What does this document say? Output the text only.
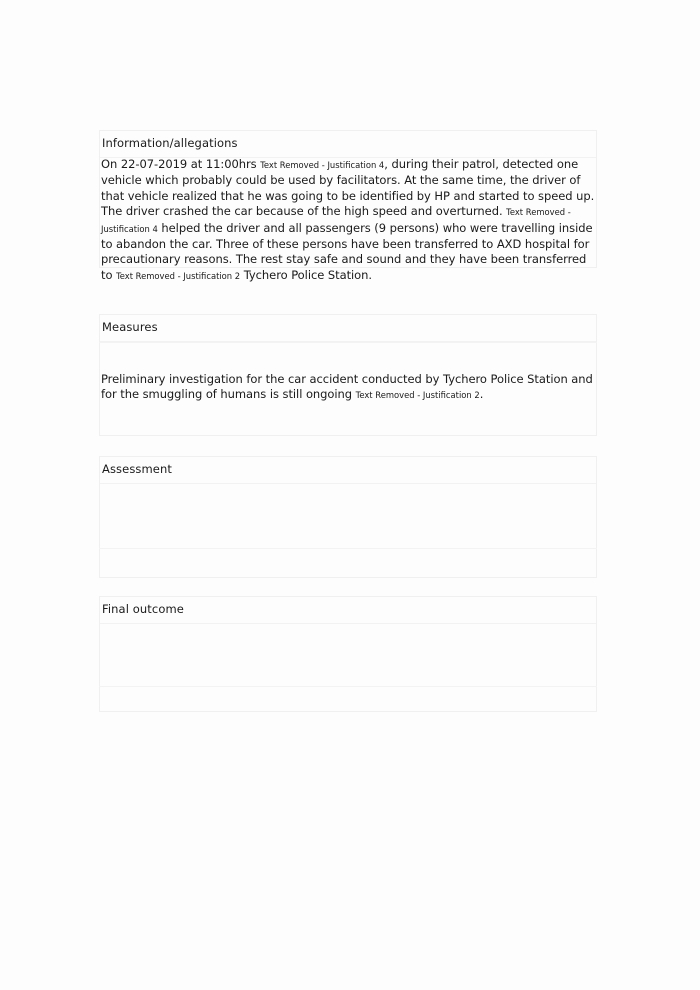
Information/allegations
On 22-07-2019 at 11:00hrs Text Removed - Justification 4, during their patrol, detected one vehicle which probably could be used by facilitators. At the same time, the driver of that vehicle realized that he was going to be identified by HP and started to speed up. The driver crashed the car because of the high speed and overturned. Text Removed - Justification 4 helped the driver and all passengers (9 persons) who were travelling inside to abandon the car. Three of these persons have been transferred to AXD hospital for precautionary reasons. The rest stay safe and sound and they have been transferred to Text Removed - Justification 2 Tychero Police Station.
Measures
Preliminary investigation for the car accident conducted by Tychero Police Station and for the smuggling of humans is still ongoing Text Removed - Justification 2.
Assessment
Final outcome
